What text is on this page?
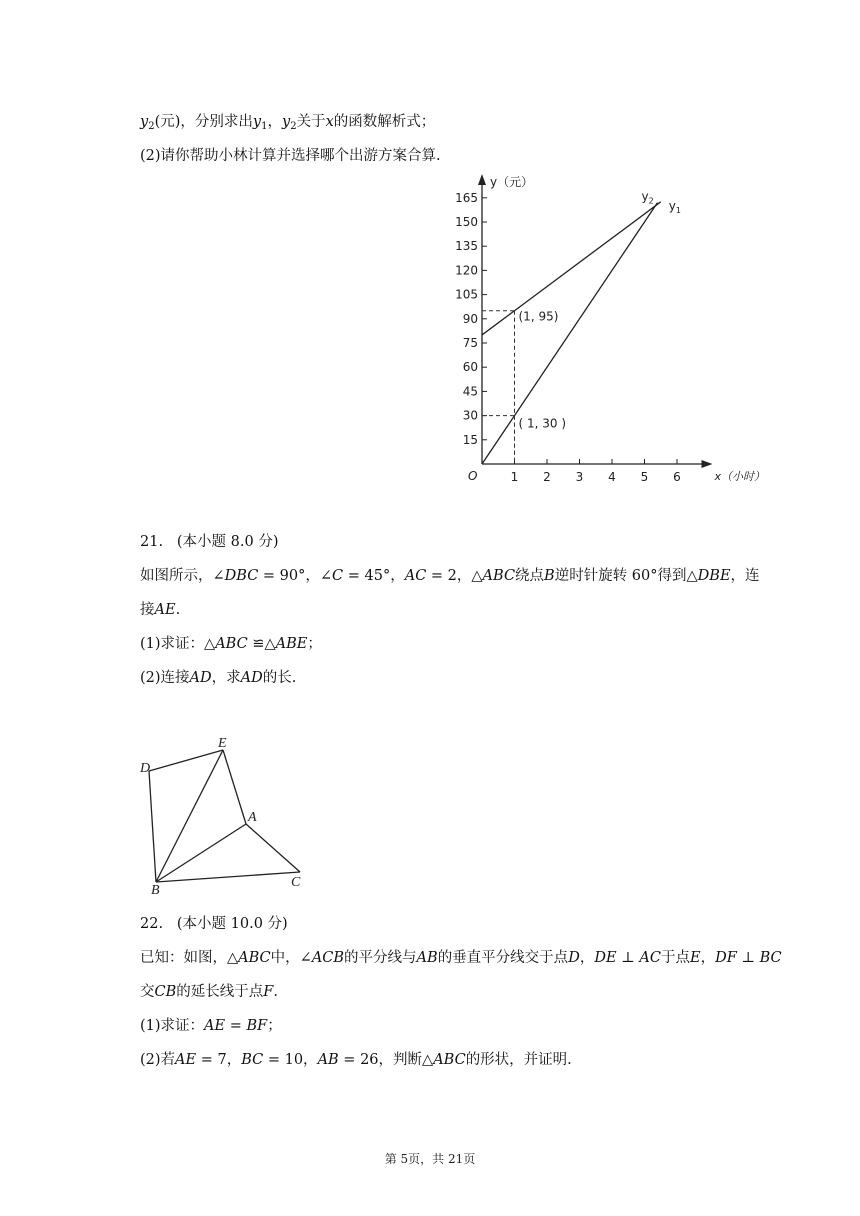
$y_2$(元)，分别求出$y_1$，$y_2$关于x的函数解析式；
(2)请你帮助小林计算并选择哪个出游方案合算.
y（元）
x（小时）
O	1 2 3 4 5 6
15
30
45
60
75
90
105
120
135
150
165
$y_1$
$y_2$
(1, 95)
( 1, 30 )
21. (本小题 8.0 分)
如图所示，∠DBC = 90°，∠C = 45°，AC = 2，△ABC绕点B逆时针旋转 60°得到△DBE，连
接AE.
(1)求证：△ABC ≌△ABE；
(2)连接AD，求AD的长.
D
E
A
B
C
22. (本小题 10.0 分)
已知：如图，△ABC中，∠ACB的平分线与AB的垂直平分线交于点D，DE ⊥ AC于点E，DF ⊥ BC
交CB的延长线于点F.
(1)求证：AE = BF；
(2)若AE = 7，BC = 10，AB = 26，判断△ABC的形状，并证明.
第 5页，共 21页
